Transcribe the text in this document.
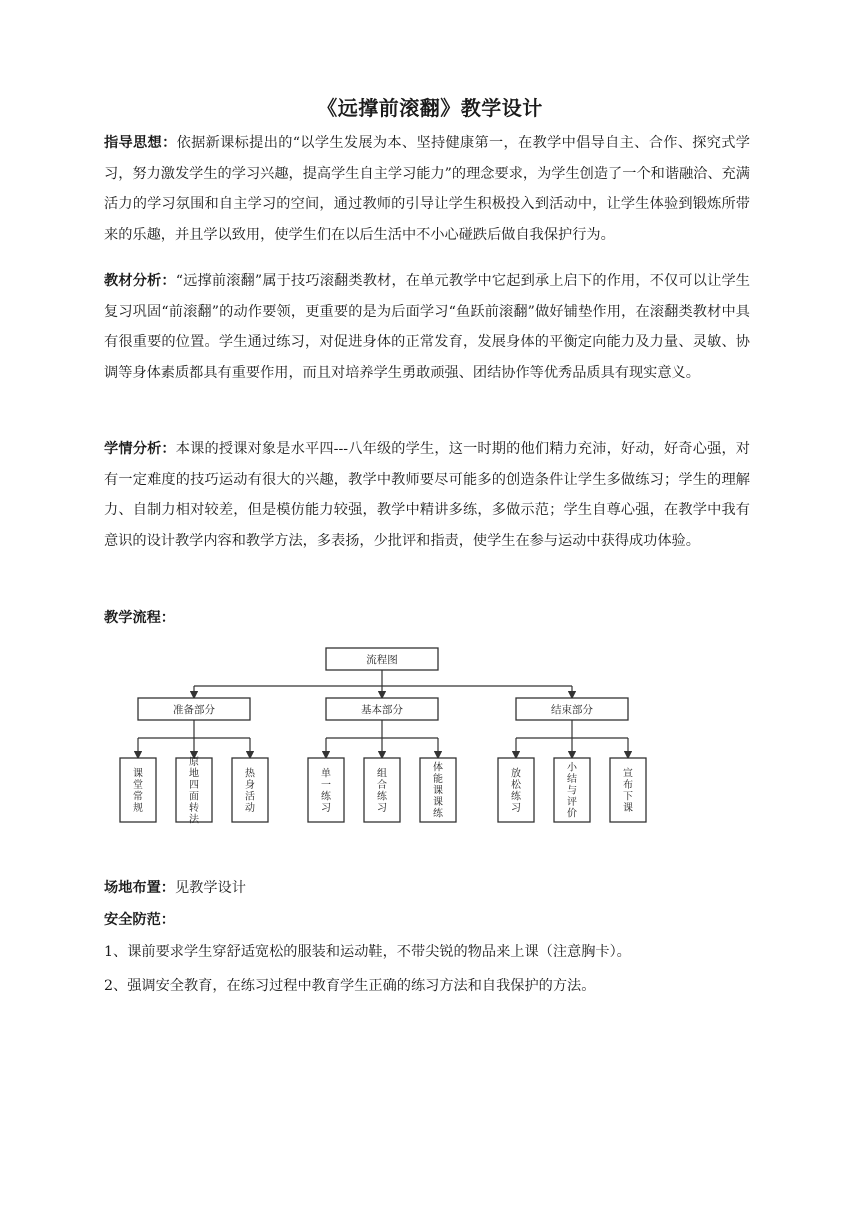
《远撑前滚翻》教学设计

指导思想：依据新课标提出的“以学生发展为本、坚持健康第一，在教学中倡导自主、合作、探究式学习，努力激发学生的学习兴趣，提高学生自主学习能力”的理念要求，为学生创造了一个和谐融洽、充满活力的学习氛围和自主学习的空间，通过教师的引导让学生积极投入到活动中，让学生体验到锻炼所带来的乐趣，并且学以致用，使学生们在以后生活中不小心碰跌后做自我保护行为。

教材分析：“远撑前滚翻”属于技巧滚翻类教材，在单元教学中它起到承上启下的作用，不仅可以让学生复习巩固“前滚翻”的动作要领，更重要的是为后面学习“鱼跃前滚翻”做好铺垫作用，在滚翻类教材中具有很重要的位置。学生通过练习，对促进身体的正常发育，发展身体的平衡定向能力及力量、灵敏、协调等身体素质都具有重要作用，而且对培养学生勇敢顽强、团结协作等优秀品质具有现实意义。

学情分析：本课的授课对象是水平四---八年级的学生，这一时期的他们精力充沛，好动，好奇心强，对有一定难度的技巧运动有很大的兴趣，教学中教师要尽可能多的创造条件让学生多做练习；学生的理解力、自制力相对较差，但是模仿能力较强，教学中精讲多练，多做示范；学生自尊心强，在教学中我有意识的设计教学内容和教学方法，多表扬，少批评和指责，使学生在参与运动中获得成功体验。

教学流程：

流程图
准备部分
课堂常规
原地四面转法
热身活动
基本部分
单一练习
组合练习
体能课课练
结束部分
放松练习
小结与评价
宣布下课

场地布置：见教学设计

安全防范：

1、课前要求学生穿舒适宽松的服装和运动鞋，不带尖锐的物品来上课（注意胸卡）。

2、强调安全教育，在练习过程中教育学生正确的练习方法和自我保护的方法。
